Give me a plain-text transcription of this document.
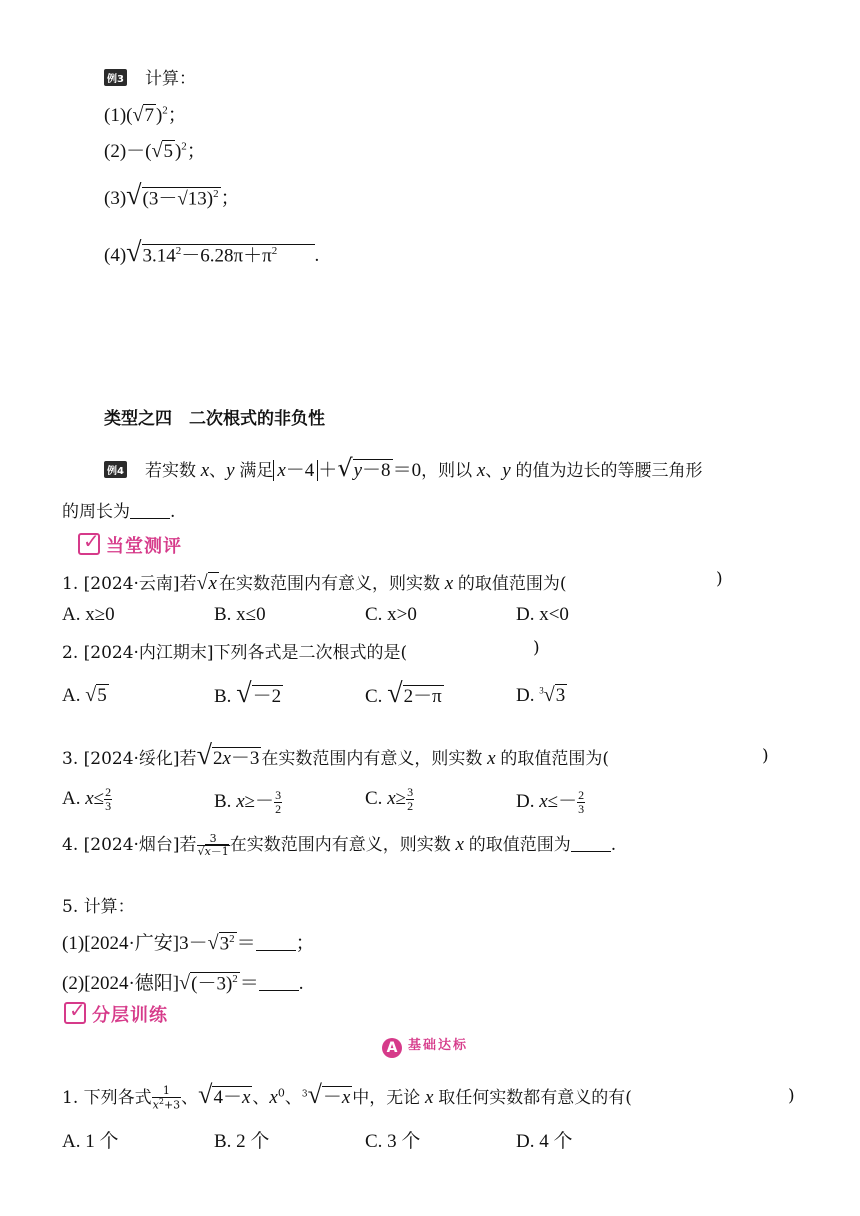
例3 计算：
(1)(√7 )$^2$；
(2)－(√5 )$^2$；
$(3)√(3-√13)^2$ ；
$(4)√3.14^2-6.28\pi+\pi^2$ .
类型之四　二次根式的非负性
例4 若实数 x、y 满足 x－4 ＋√y－8 ＝0，则以 x、y 的值为边长的等腰三角形
的周长为 .
✓ 当堂测评
1. [2024·云南]若√x 在实数范围内有意义，则实数 x 的取值范围为(	)
A. x≥0	B. x≤0	C. x>0	D. x<0
2. [2024·内江期末]下列各式是二次根式的是(	)
A. √5	B. √－2	C. √2－π	D. $^3$√3
3. [2024·绥化]若√2x－3 在实数范围内有意义，则实数 x 的取值范围为(	)
A. $x\le \frac{2}{3}$	B. $x\ge- \frac{3}{2}$	C. $x\ge \frac{3}{2}$	D. $x\le- \frac{2}{3}$
4. [2024·烟台]若 $\frac{3}{√x-1}$ 在实数范围内有意义，则实数 x 的取值范围为 .
5. 计算：
(1)[2024·广安]$3-√3^2$ ＝ ；
(2)[2024·德阳]$√(-3)^2$ ＝ .
✓ 分层训练
A 基础达标
1. 下列各式 $\frac{1}{x^2+3}$ 、√4－x 、$x^0$、$^3$√－x 中，无论 x 取任何实数都有意义的有(	)
A. 1 个	B. 2 个	C. 3 个	D. 4 个
